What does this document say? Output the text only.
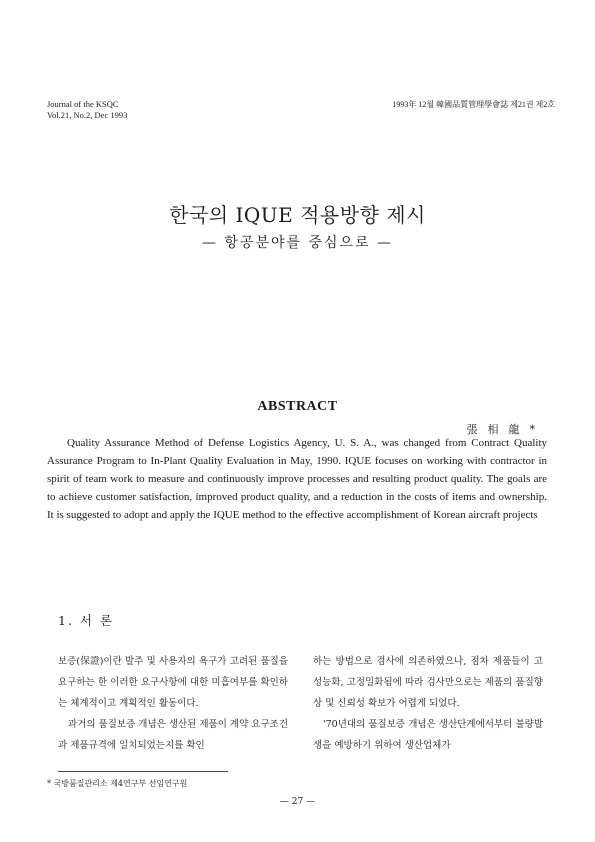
Journal of the KSQC
Vol.21, No.2, Dec 1993
1993年 12월 韓國品質管理學會誌 제21권 제2호
한국의 IQUE 적용방향 제시
— 항공분야를 중심으로 —
ABSTRACT
張相龍*
Quality Assurance Method of Defense Logistics Agency, U. S. A., was changed from Contract Quality Assurance Program to In-Plant Quality Evaluation in May, 1990. IQUE focuses on working with contractor in spirit of team work to measure and continuously improve processes and resulting product quality. The goals are to achieve customer satisfaction, improved product quality, and a reduction in the costs of items and ownership. It is suggested to adopt and apply the IQUE method to the effective accomplishment of Korean aircraft projects
1. 서 론

보증(保證)이란 발주 및 사용자의 욕구가 고려된 품질을 요구하는 한 이러한 요구사항에 대한 미흡여부를 확인하는 체계적이고 계획적인 활동이다.

과거의 품질보증 개념은 생산된 제품이 계약 요구조건과 제품규격에 일치되었는지를 확인

하는 방법으로 검사에 의존하였으나, 점차 제품들이 고성능화, 고정밀화됨에 따라 검사만으로는 제품의 품질향상 및 신뢰성 확보가 어렵게 되었다.

'70년대의 품질보증 개념은 생산단계에서부터 불량발생을 예방하기 위하여 생산업체가

* 국방품질관리소 제4연구부 선임연구원
— 27 —
